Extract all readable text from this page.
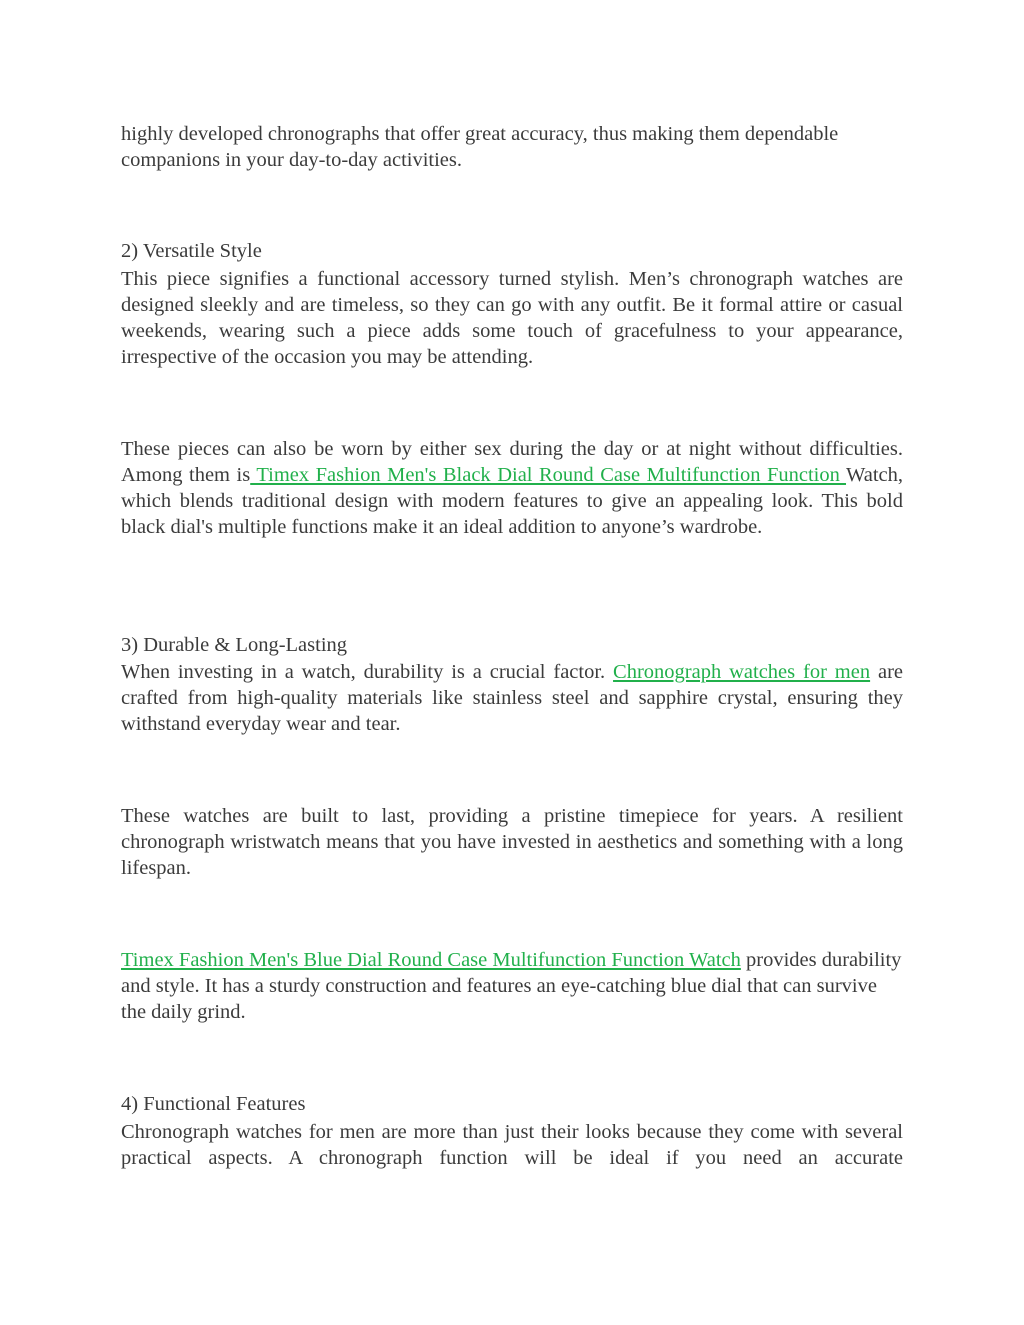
highly developed chronographs that offer great accuracy, thus making them dependable companions in your day-to-day activities.

2) Versatile Style

This piece signifies a functional accessory turned stylish. Men’s chronograph watches are designed sleekly and are timeless, so they can go with any outfit. Be it formal attire or casual weekends, wearing such a piece adds some touch of gracefulness to your appearance, irrespective of the occasion you may be attending.

These pieces can also be worn by either sex during the day or at night without difficulties. Among them is Timex Fashion Men's Black Dial Round Case Multifunction Function Watch, which blends traditional design with modern features to give an appealing look. This bold black dial's multiple functions make it an ideal addition to anyone’s wardrobe.

3) Durable & Long-Lasting

When investing in a watch, durability is a crucial factor. Chronograph watches for men are crafted from high-quality materials like stainless steel and sapphire crystal, ensuring they withstand everyday wear and tear.

These watches are built to last, providing a pristine timepiece for years. A resilient chronograph wristwatch means that you have invested in aesthetics and something with a long lifespan.

Timex Fashion Men's Blue Dial Round Case Multifunction Function Watch provides durability and style. It has a sturdy construction and features an eye-catching blue dial that can survive the daily grind.

4) Functional Features

Chronograph watches for men are more than just their looks because they come with several practical aspects. A chronograph function will be ideal if you need an accurate
